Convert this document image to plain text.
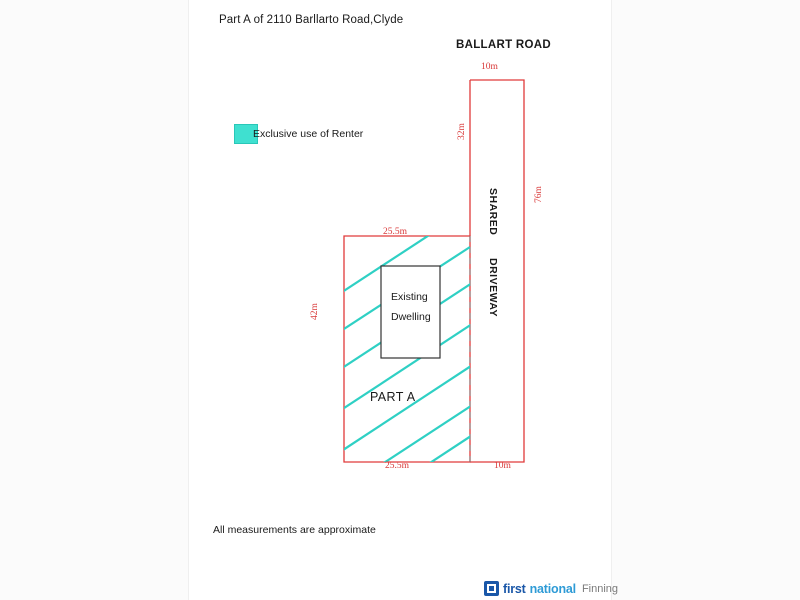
Part A of 2110 Barllarto Road,Clyde
BALLART ROAD
Exclusive use of Renter
SHARED
DRIVEWAY
Existing
Dwelling
PART A
10m
32m
76m
25.5m
42m
25.5m	10m
All measurements are approximate
first national Finning
